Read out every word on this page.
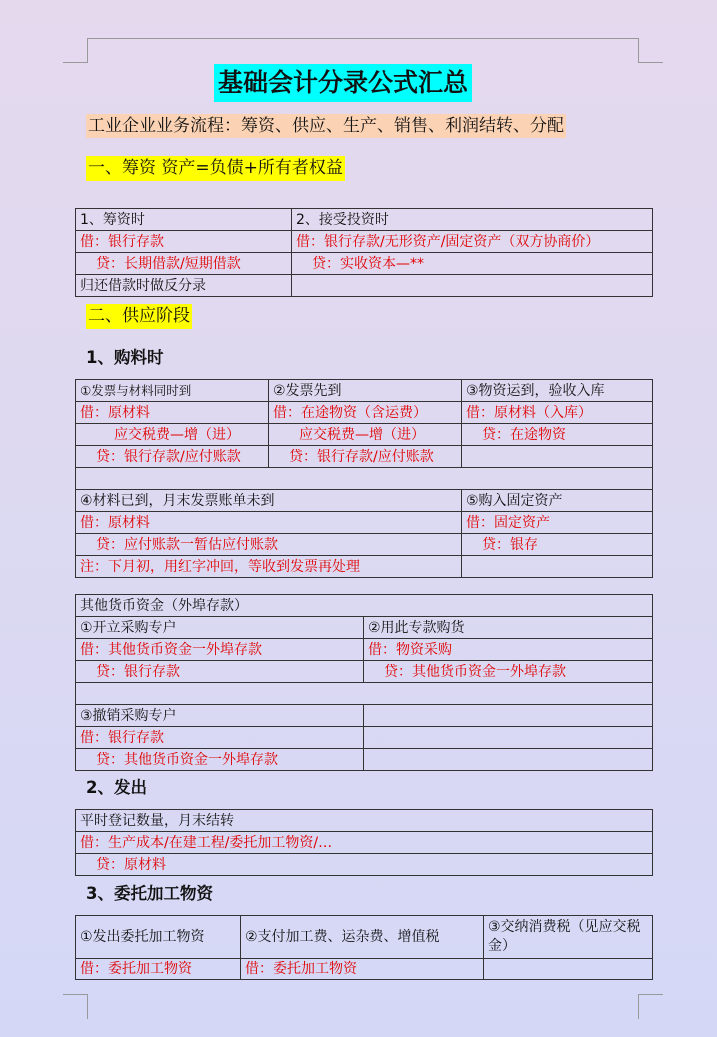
基础会计分录公式汇总
工业企业业务流程：筹资、供应、生产、销售、利润结转、分配
一、筹资 资产=负债+所有者权益
1、筹资时	2、接受投资时
借：银行存款	借：银行存款/无形资产/固定资产（双方协商价）
贷：长期借款/短期借款	贷：实收资本—**
归还借款时做反分录	
二、供应阶段
1、购料时
①发票与材料同时到	②发票先到	③物资运到，验收入库
借：原材料	借：在途物资（含运费）	借：原材料（入库）
应交税费—增（进）	应交税费—增（进）	贷：在途物资
贷：银行存款/应付账款	贷：银行存款/应付账款	

④材料已到，月末发票账单未到		⑤购入固定资产
借：原材料		借：固定资产
贷：应付账款一暂估应付账款		贷：银存
注：下月初，用红字冲回，等收到发票再处理		
其他货币资金（外埠存款）	
①开立采购专户	②用此专款购货
借：其他货币资金一外埠存款	借：物资采购
贷：银行存款	贷：其他货币资金一外埠存款

③撤销采购专户	
借：银行存款	
贷：其他货币资金一外埠存款	
2、发出
平时登记数量，月末结转
借：生产成本/在建工程/委托加工物资/…
贷：原材料
3、委托加工物资
①发出委托加工物资	②支付加工费、运杂费、增值税	③交纳消费税（见应交税金）
借：委托加工物资	借：委托加工物资	
